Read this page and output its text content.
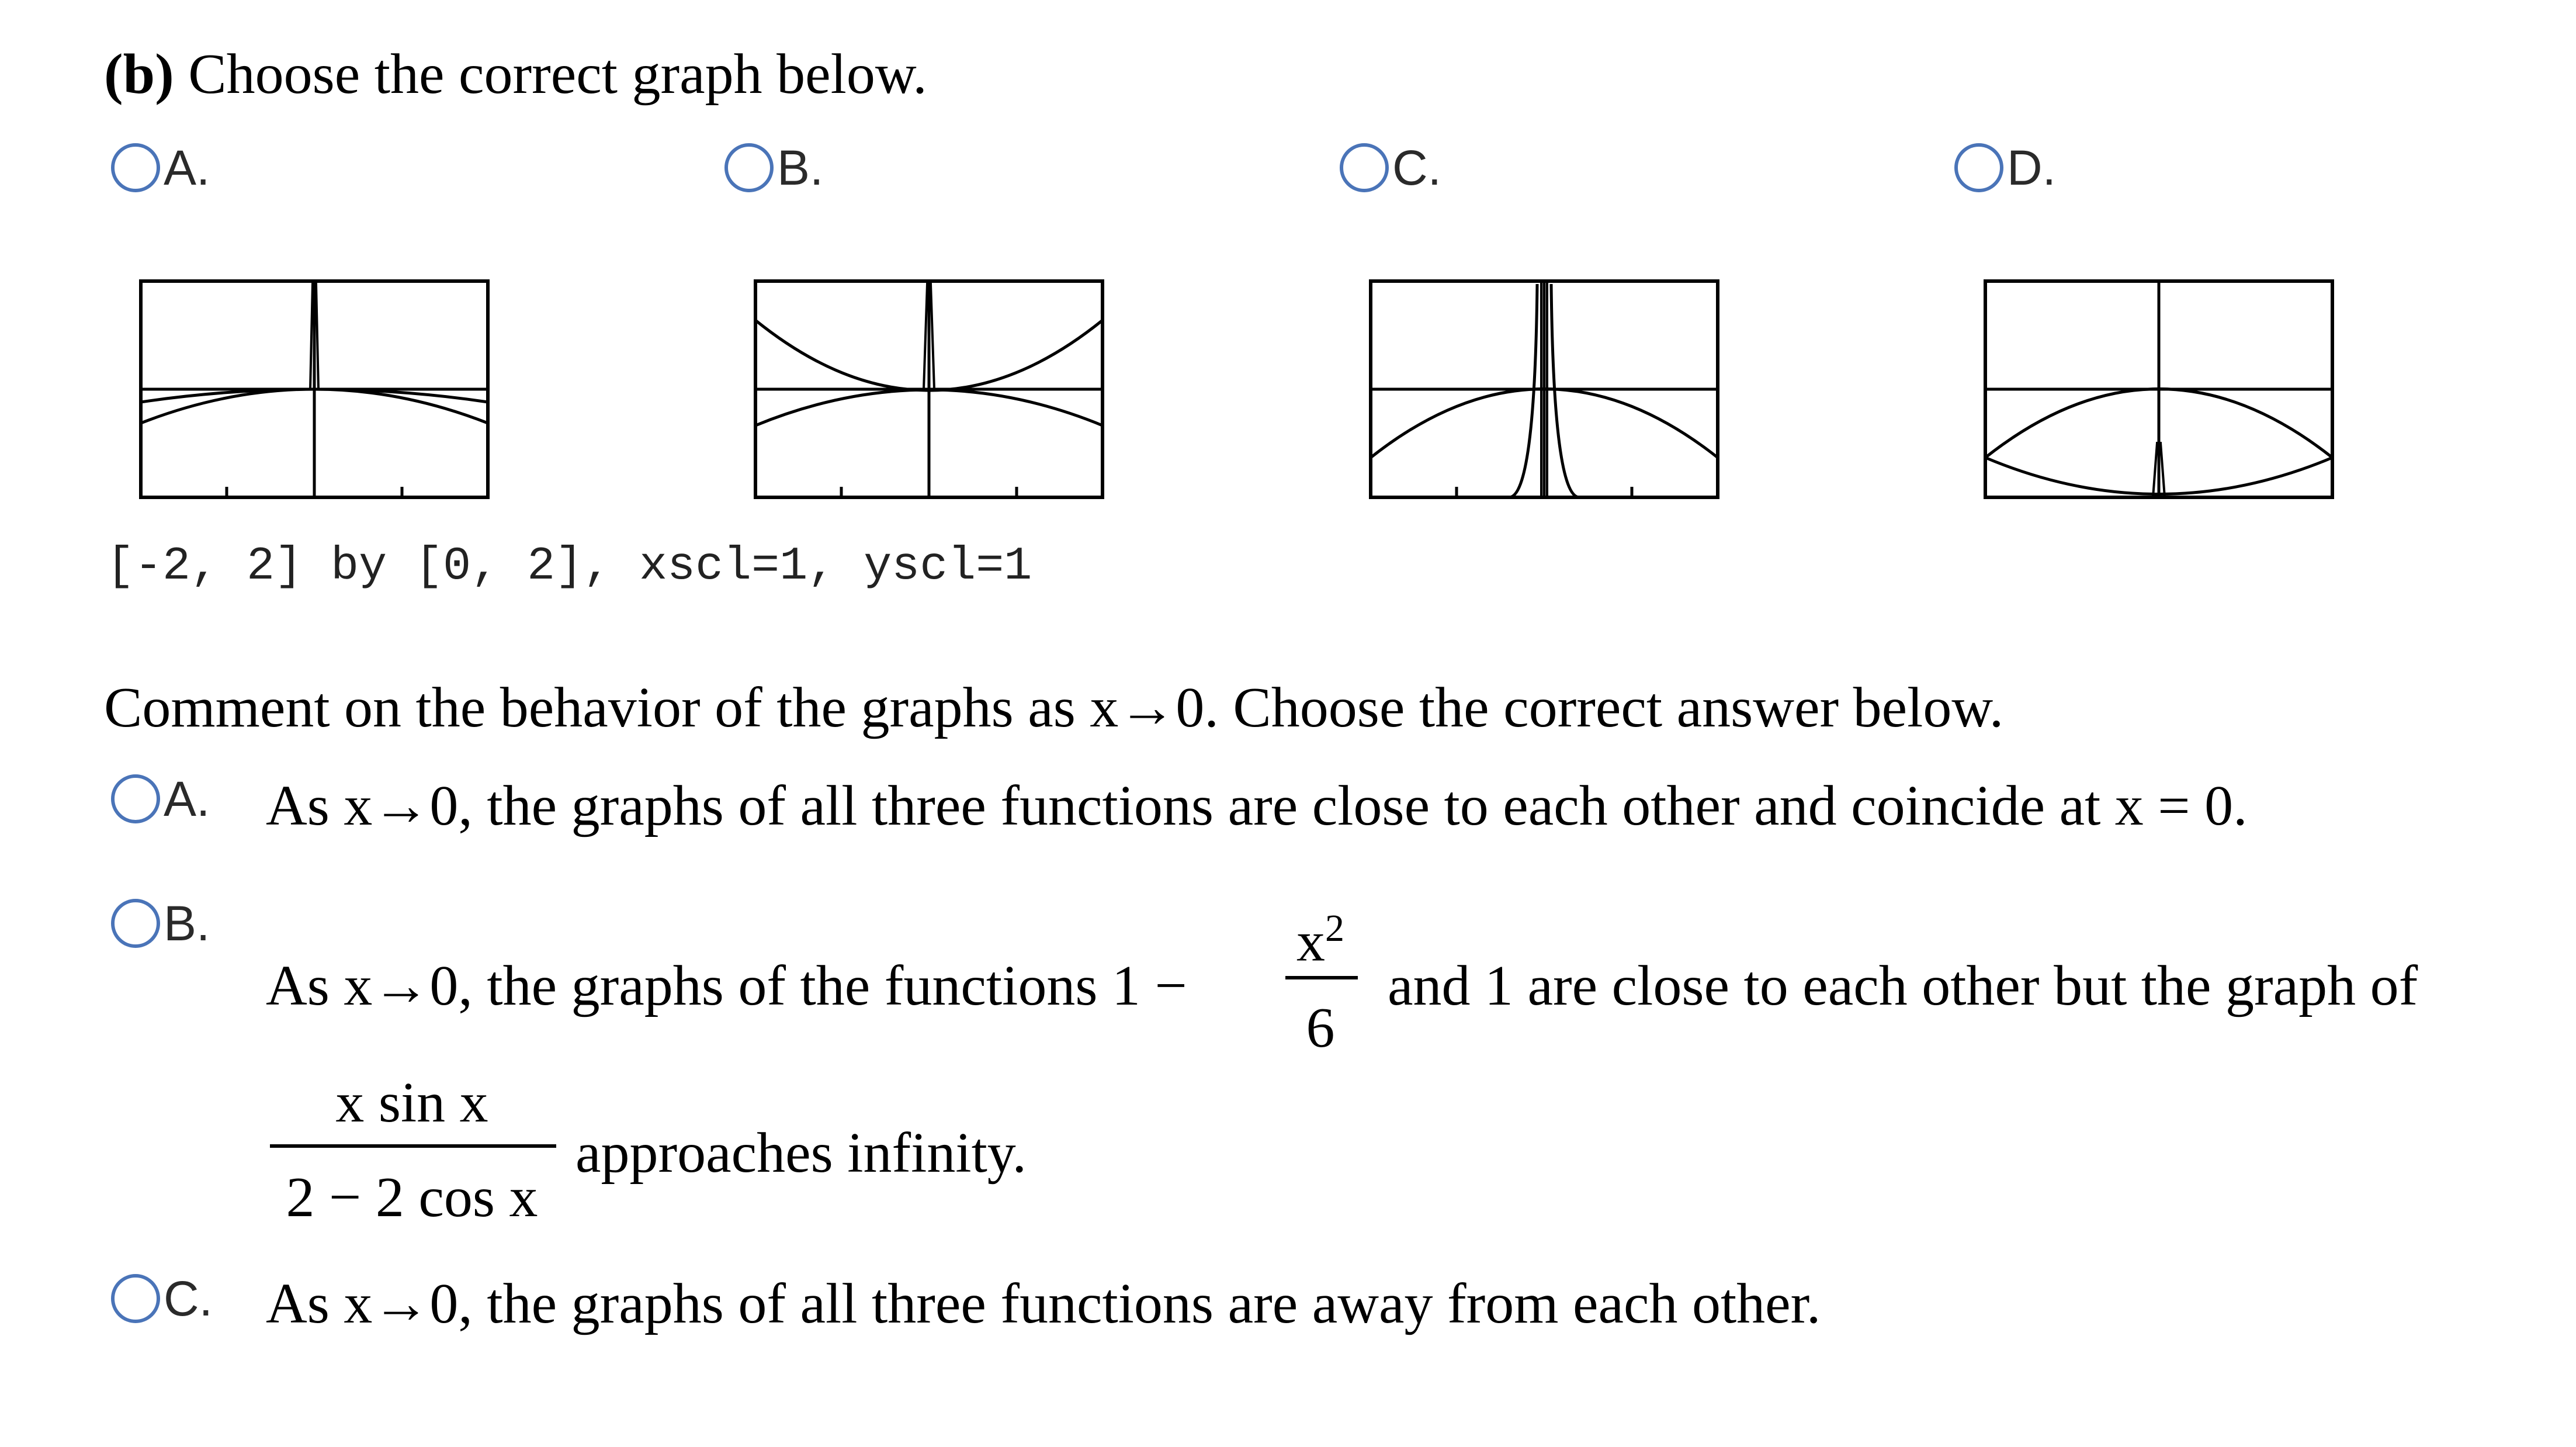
(b) Choose the correct graph below.
A.	B.	C.	D.
[-2, 2] by [0, 2], xscl=1, yscl=1
Comment on the behavior of the graphs as x→0. Choose the correct answer below.
A. As x→0, the graphs of all three functions are close to each other and coincide at x = 0.
B.
As x→0, the graphs of the functions 1 −
$x^2$
6
and 1 are close to each other but the graph of
x sin x
2 − 2 cos x
approaches infinity.
C. As x→0, the graphs of all three functions are away from each other.
